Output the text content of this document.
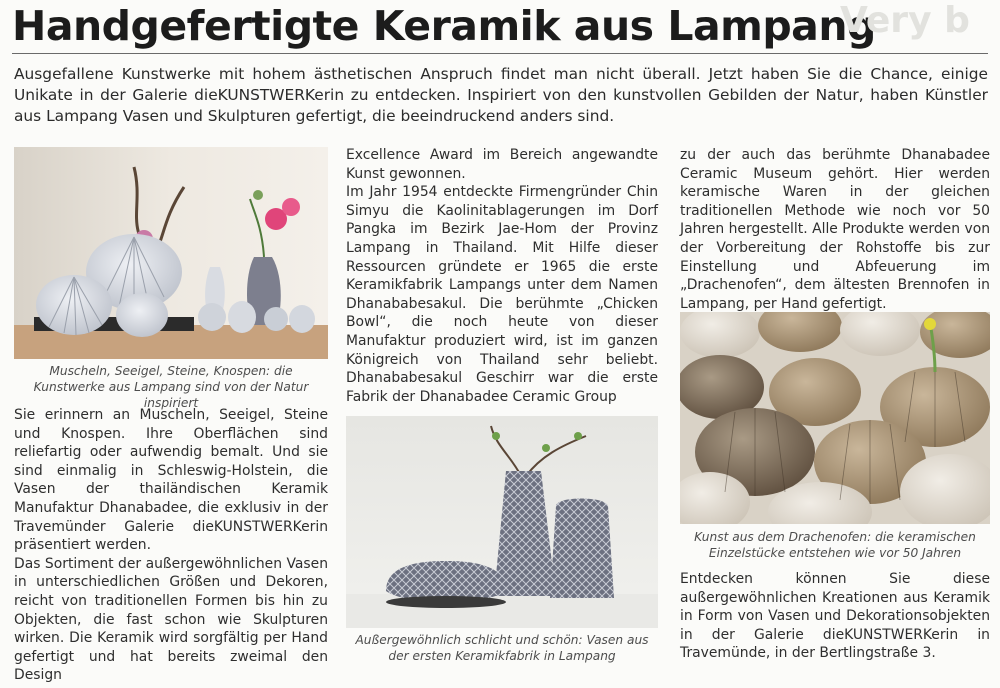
Handgefertigte Keramik aus Lampang
Very b
Ausgefallene Kunstwerke mit hohem ästhetischen Anspruch findet man nicht überall. Jetzt haben Sie die Chance, einige Unikate in der Galerie dieKUNSTWERKerin zu entdecken. Inspiriert von den kunstvollen Gebilden der Natur, haben Künstler aus Lampang Vasen und Skulpturen gefertigt, die beeindruckend anders sind.
Muscheln, Seeigel, Steine, Knospen: die Kunstwerke aus Lampang sind von der Natur inspiriert

Sie erinnern an Muscheln, Seeigel, Steine und Knospen. Ihre Oberflächen sind reliefartig oder aufwendig bemalt. Und sie sind einmalig in Schleswig-Holstein, die Vasen der thailändischen Keramik Manufaktur Dhanabadee, die exklusiv in der Travemünder Galerie dieKUNSTWERKerin präsentiert werden.

Das Sortiment der außergewöhnlichen Vasen in unterschiedlichen Größen und Dekoren, reicht von traditionellen Formen bis hin zu Objekten, die fast schon wie Skulpturen wirken. Die Keramik wird sorgfältig per Hand gefertigt und hat bereits zweimal den Design

Excellence Award im Bereich angewandte Kunst gewonnen.

Im Jahr 1954 entdeckte Firmengründer Chin Simyu die Kaolinitablagerungen im Dorf Pangka im Bezirk Jae-Hom der Provinz Lampang in Thailand. Mit Hilfe dieser Ressourcen gründete er 1965 die erste Keramikfabrik Lampangs unter dem Namen Dhanababesakul. Die berühmte „Chicken Bowl“, die noch heute von dieser Manufaktur produziert wird, ist im ganzen Königreich von Thailand sehr beliebt. Dhanababesakul Geschirr war die erste Fabrik der Dhanabadee Ceramic Group

Außergewöhnlich schlicht und schön: Vasen aus der ersten Keramikfabrik in Lampang

zu der auch das berühmte Dhanabadee Ceramic Museum gehört. Hier werden keramische Waren in der gleichen traditionellen Methode wie noch vor 50 Jahren hergestellt. Alle Produkte werden von der Vorbereitung der Rohstoffe bis zur Einstellung und Abfeuerung im „Drachenofen“, dem ältesten Brennofen in Lampang, per Hand gefertigt.

Kunst aus dem Drachenofen: die keramischen Einzelstücke entstehen wie vor 50 Jahren

Entdecken können Sie diese außergewöhnlichen Kreationen aus Keramik in Form von Vasen und Dekorationsobjekten in der Galerie dieKUNSTWERKerin in Travemünde, in der Bertlingstraße 3.
